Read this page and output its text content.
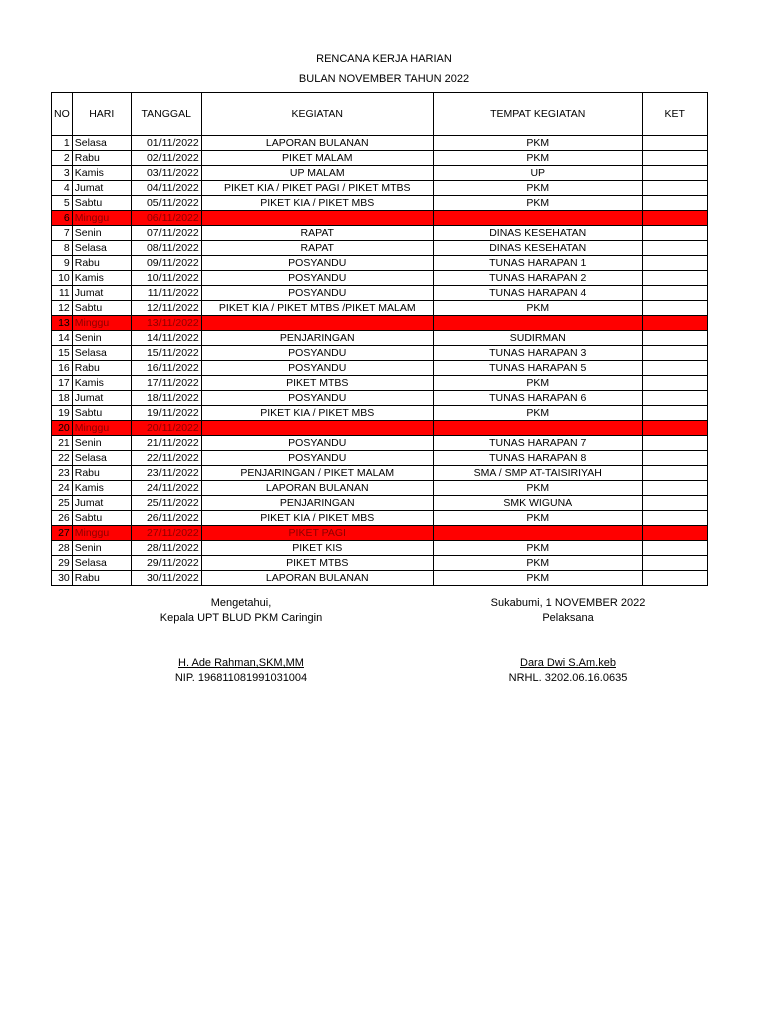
RENCANA KERJA HARIAN
BULAN NOVEMBER TAHUN 2022
NO	HARI	TANGGAL	KEGIATAN	TEMPAT KEGIATAN	KET
1	Selasa	01/11/2022	LAPORAN BULANAN	PKM	
2	Rabu	02/11/2022	PIKET MALAM	PKM	
3	Kamis	03/11/2022	UP MALAM	UP	
4	Jumat	04/11/2022	PIKET KIA / PIKET PAGI / PIKET MTBS	PKM	
5	Sabtu	05/11/2022	PIKET KIA / PIKET MBS	PKM	
6	Minggu	06/11/2022			
7	Senin	07/11/2022	RAPAT	DINAS KESEHATAN	
8	Selasa	08/11/2022	RAPAT	DINAS KESEHATAN	
9	Rabu	09/11/2022	POSYANDU	TUNAS HARAPAN 1	
10	Kamis	10/11/2022	POSYANDU	TUNAS HARAPAN 2	
11	Jumat	11/11/2022	POSYANDU	TUNAS HARAPAN 4	
12	Sabtu	12/11/2022	PIKET KIA / PIKET MTBS /PIKET MALAM	PKM	
13	Minggu	13/11/2022			
14	Senin	14/11/2022	PENJARINGAN	SUDIRMAN	
15	Selasa	15/11/2022	POSYANDU	TUNAS HARAPAN 3	
16	Rabu	16/11/2022	POSYANDU	TUNAS HARAPAN 5	
17	Kamis	17/11/2022	PIKET MTBS	PKM	
18	Jumat	18/11/2022	POSYANDU	TUNAS HARAPAN 6	
19	Sabtu	19/11/2022	PIKET KIA / PIKET MBS	PKM	
20	Minggu	20/11/2022			
21	Senin	21/11/2022	POSYANDU	TUNAS HARAPAN 7	
22	Selasa	22/11/2022	POSYANDU	TUNAS HARAPAN 8	
23	Rabu	23/11/2022	PENJARINGAN / PIKET MALAM	SMA / SMP AT-TAISIRIYAH	
24	Kamis	24/11/2022	LAPORAN BULANAN	PKM	
25	Jumat	25/11/2022	PENJARINGAN	SMK WIGUNA	
26	Sabtu	26/11/2022	PIKET KIA / PIKET MBS	PKM	
27	Minggu	27/11/2022	PIKET PAGI		
28	Senin	28/11/2022	PIKET KIS	PKM	
29	Selasa	29/11/2022	PIKET MTBS	PKM	
30	Rabu	30/11/2022	LAPORAN BULANAN	PKM	
Mengetahui,
Kepala UPT BLUD PKM Caringin
H. Ade Rahman,SKM,MM
NIP. 196811081991031004
Sukabumi, 1 NOVEMBER 2022
Pelaksana
Dara Dwi S.Am.keb
NRHL. 3202.06.16.0635
